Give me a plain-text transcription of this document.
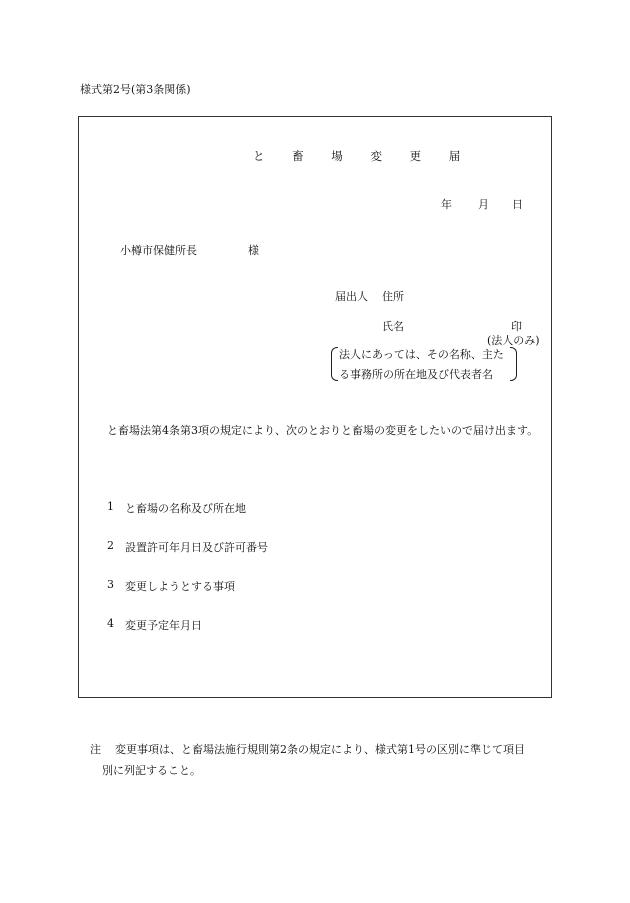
様式第2号(第3条関係)
と 畜 場 変 更 届
年 月 日
小樽市保健所長	様
届出人 住所
氏名	印
(法人のみ)
法人にあっては、その名称、主た
る事務所の所在地及び代表者名
と畜場法第4条第3項の規定により、次のとおりと畜場の変更をしたいので届け出ます。
1 と畜場の名称及び所在地
2 設置許可年月日及び許可番号
3 変更しようとする事項
4 変更予定年月日
注 変更事項は、と畜場法施行規則第2条の規定により、様式第1号の区別に準じて項目
別に列記すること。
